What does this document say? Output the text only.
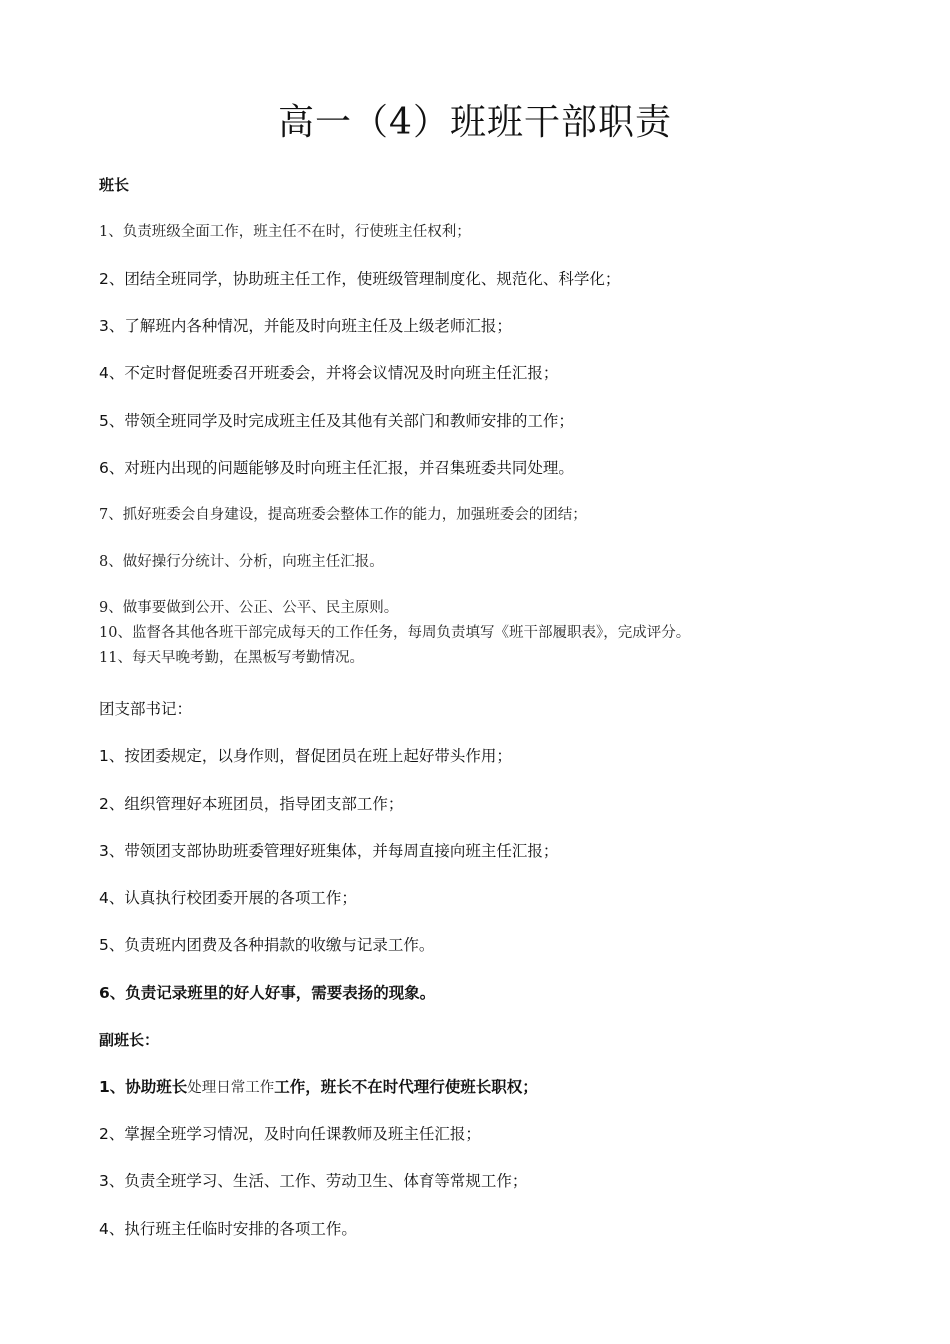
高一（4）班班干部职责

班长

1、负责班级全面工作，班主任不在时，行使班主任权利；

2、团结全班同学，协助班主任工作，使班级管理制度化、规范化、科学化；

3、了解班内各种情况，并能及时向班主任及上级老师汇报；

4、不定时督促班委召开班委会，并将会议情况及时向班主任汇报；

5、带领全班同学及时完成班主任及其他有关部门和教师安排的工作；

6、对班内出现的问题能够及时向班主任汇报，并召集班委共同处理。

7、抓好班委会自身建设，提高班委会整体工作的能力，加强班委会的团结；

8、做好操行分统计、分析，向班主任汇报。

9、做事要做到公开、公正、公平、民主原则。

10、监督各其他各班干部完成每天的工作任务，每周负责填写《班干部履职表》，完成评分。

11、每天早晚考勤，在黑板写考勤情况。

团支部书记：

1、按团委规定，以身作则，督促团员在班上起好带头作用；

2、组织管理好本班团员，指导团支部工作；

3、带领团支部协助班委管理好班集体，并每周直接向班主任汇报；

4、认真执行校团委开展的各项工作；

5、负责班内团费及各种捐款的收缴与记录工作。

6、负责记录班里的好人好事，需要表扬的现象。

副班长：

1、协助班长处理日常工作工作，班长不在时代理行使班长职权；

2、掌握全班学习情况，及时向任课教师及班主任汇报；

3、负责全班学习、生活、工作、劳动卫生、体育等常规工作；

4、执行班主任临时安排的各项工作。
